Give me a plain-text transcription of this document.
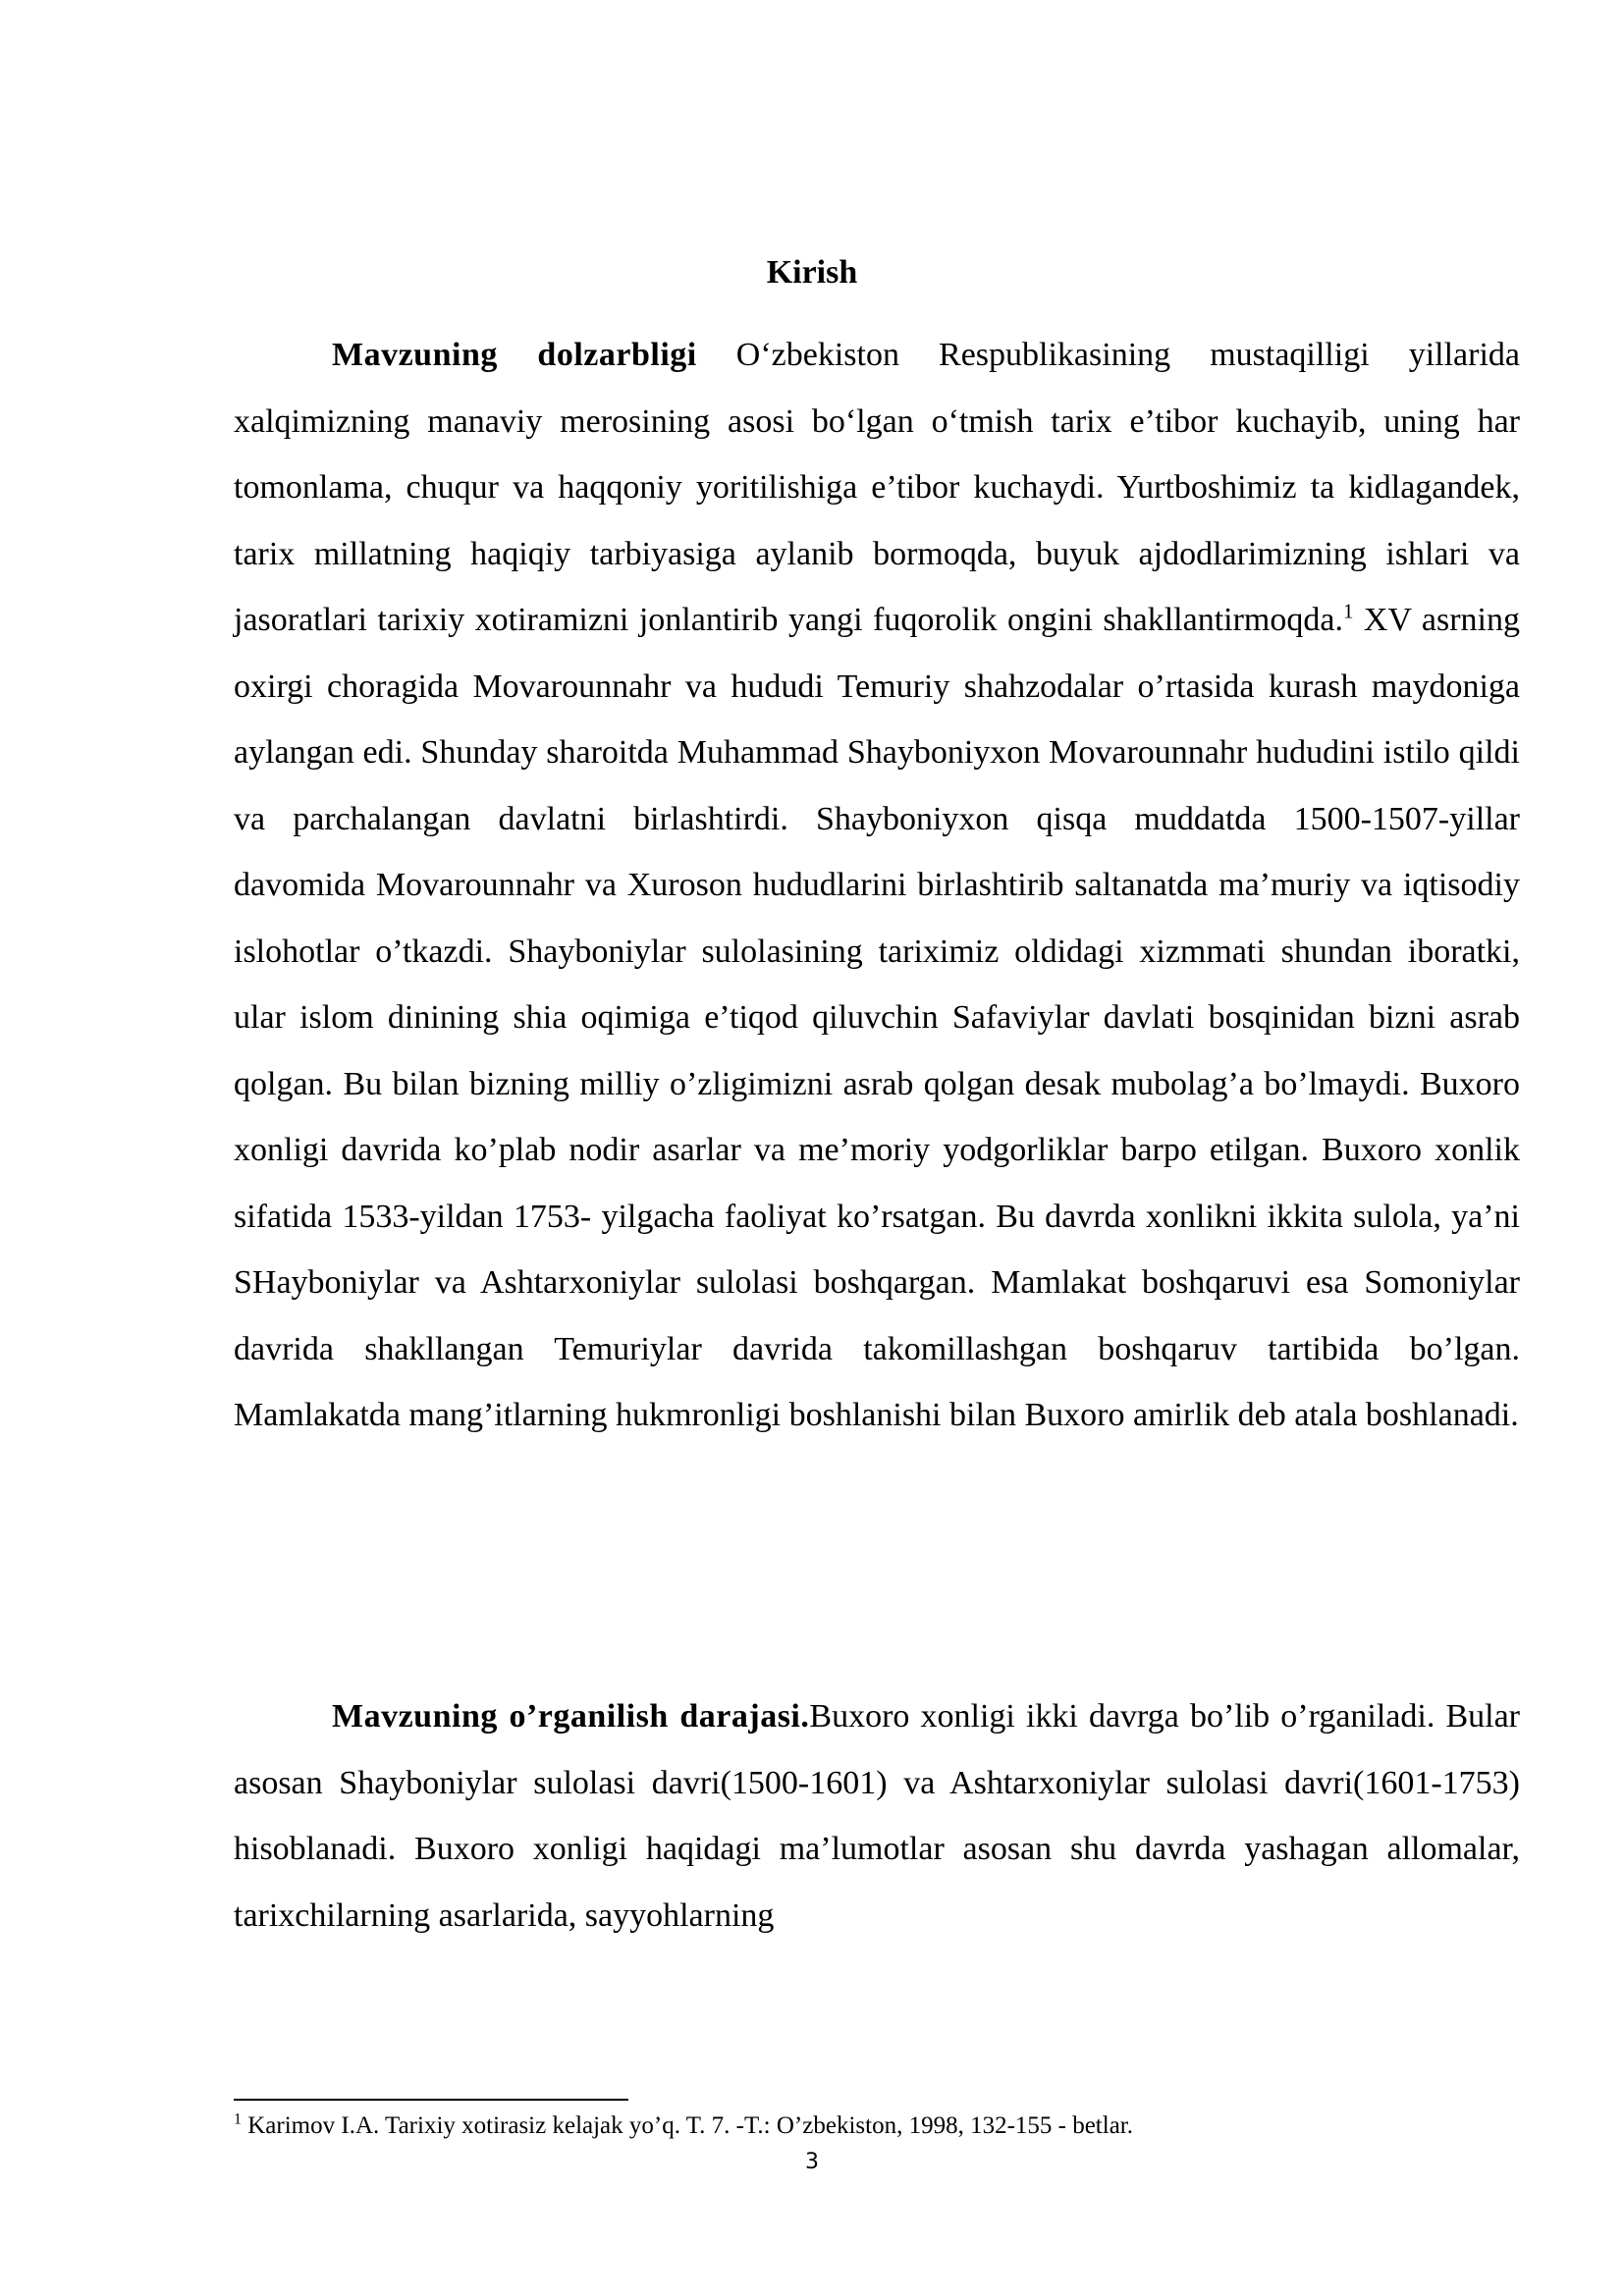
Kirish

Mavzuning dolzarbligi O‘zbekiston Respublikasining mustaqilligi yillarida xalqimizning manaviy merosining asosi bo‘lgan o‘tmish tarix e’tibor kuchayib, uning har tomonlama, chuqur va haqqoniy yoritilishiga e’tibor kuchaydi. Yurtboshimiz ta kidlagandek, tarix millatning haqiqiy tarbiyasiga aylanib bormoqda, buyuk ajdodlarimizning ishlari va jasoratlari tarixiy xotiramizni jonlantirib yangi fuqorolik ongini shakllantirmoqda.$^1$ XV asrning oxirgi choragida Movarounnahr va hududi Temuriy shahzodalar o’rtasida kurash maydoniga aylangan edi. Shunday sharoitda Muhammad Shayboniyxon Movarounnahr hududini istilo qildi va parchalangan davlatni birlashtirdi. Shayboniyxon qisqa muddatda 1500-1507-yillar davomida Movarounnahr va Xuroson hududlarini birlashtirib saltanatda ma’muriy va iqtisodiy islohotlar o’tkazdi. Shayboniylar sulolasining tariximiz oldidagi xizmmati shundan iboratki, ular islom dinining shia oqimiga e’tiqod qiluvchin Safaviylar davlati bosqinidan bizni asrab qolgan. Bu bilan bizning milliy o’zligimizni asrab qolgan desak mubolag’a bo’lmaydi. Buxoro xonligi davrida ko’plab nodir asarlar va me’moriy yodgorliklar barpo etilgan. Buxoro xonlik sifatida 1533-yildan 1753- yilgacha faoliyat ko’rsatgan. Bu davrda xonlikni ikkita sulola, ya’ni SHayboniylar va Ashtarxoniylar sulolasi boshqargan. Mamlakat boshqaruvi esa Somoniylar davrida shakllangan Temuriylar davrida takomillashgan boshqaruv tartibida bo’lgan. Mamlakatda mang’itlarning hukmronligi boshlanishi bilan Buxoro amirlik deb atala boshlanadi.

Mavzuning o’rganilish darajasi.Buxoro xonligi ikki davrga bo’lib o’rganiladi. Bular asosan Shayboniylar sulolasi davri(1500-1601) va Ashtarxoniylar sulolasi davri(1601-1753) hisoblanadi. Buxoro xonligi haqidagi ma’lumotlar asosan shu davrda yashagan allomalar, tarixchilarning asarlarida, sayyohlarning

$^1$ Karimov I.A. Tarixiy xotirasiz kelajak yo’q. T. 7. -T.: O’zbekiston, 1998, 132-155 - betlar.
3
